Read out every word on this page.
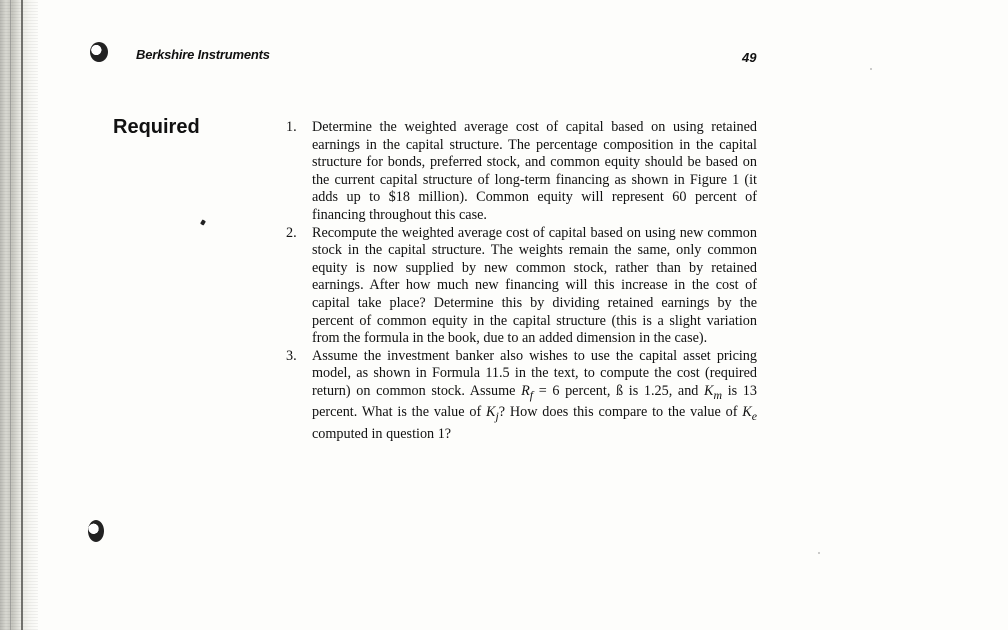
Berkshire Instruments	49
Required	1. Determine the weighted average cost of capital based on using retained earnings in the capital structure. The percentage composition in the capital structure for bonds, preferred stock, and common equity should be based on the current capital structure of long-term financing as shown in Figure 1 (it adds up to $18 million). Common equity will represent 60 percent of financing throughout this case.
2. Recompute the weighted average cost of capital based on using new common stock in the capital structure. The weights remain the same, only common equity is now supplied by new common stock, rather than by retained earnings. After how much new financing will this increase in the cost of capital take place? Determine this by dividing retained earnings by the percent of common equity in the capital structure (this is a slight variation from the formula in the book, due to an added dimension in the case).
3. Assume the investment banker also wishes to use the capital asset pricing model, as shown in Formula 11.5 in the text, to compute the cost (required return) on common stock. Assume $R_f = 6$ percent, ß is 1.25, and $K_m$ is 13 percent. What is the value of $K_j$? How does this compare to the value of $K_e$ computed in question 1?
